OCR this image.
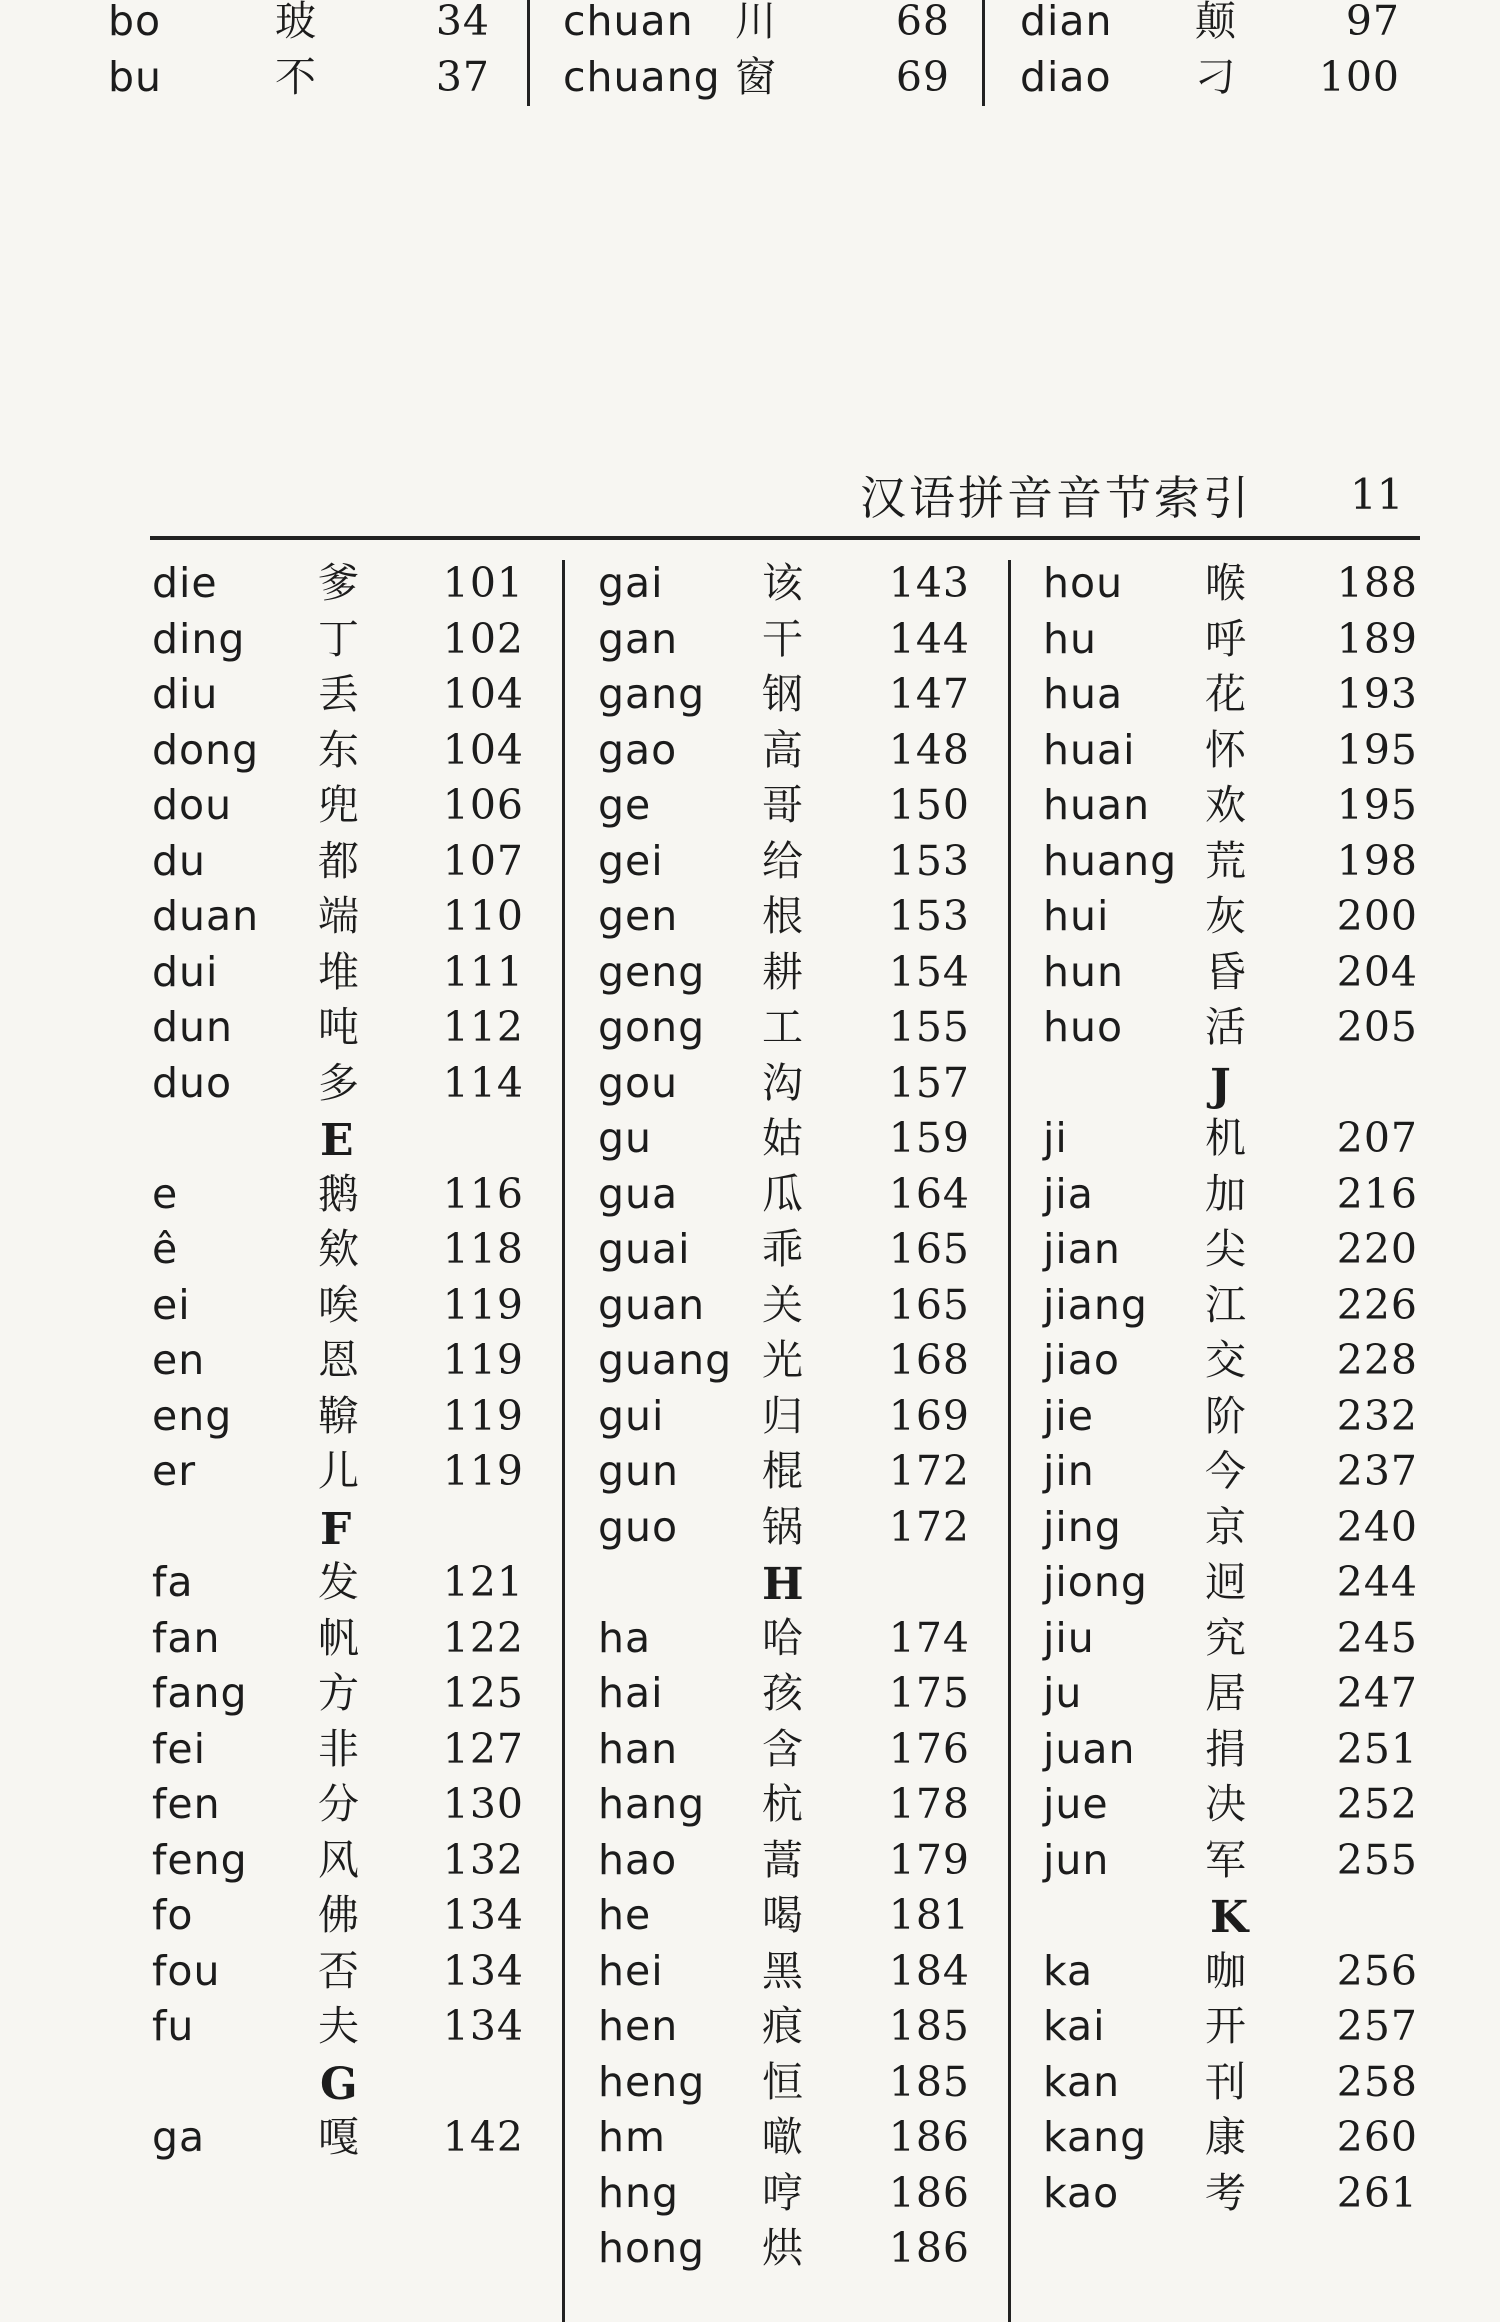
bo	玻	34
bu	不	37
chuan 川	68
chuang 窗	69
dian 颠	97
diao 刁 100
汉语拼音音节索引 11
die 爹 101
ding 丁 102
diu 丢 104
dong 东 104
dou 兜 106
du	都 107
duan 端 110
dui 堆 111
dun 吨 112
duo 多 114
E
e	鹅 116
ê	欸 118
ei	唉 119
en	恩 119
eng 鞥 119
er	儿 119
F
fa	发 121
fan 帆 122
fang 方 125
fei	非 127
fen 分 130
feng 风 132
fo	佛 134
fou 否 134
fu	夫 134
G
ga	嘎 142
gai 该 143
gan 干 144
gang 钢 147
gao 高 148
ge	哥 150
gei 给 153
gen 根 153
geng 耕 154
gong 工 155
gou 沟 157
gu	姑 159
gua 瓜 164
guai 乖 165
guan 关 165
guang 光 168
gui 归 169
gun 棍 172
guo 锅 172
H
ha	哈 174
hai 孩 175
han 含 176
hang 杭 178
hao 蒿 179
he	喝 181
hei 黑 184
hen 痕 185
heng 恒 185
hm 噷 186
hng 哼 186
hong 烘 186
hou 喉 188
hu	呼 189
hua 花 193
huai 怀 195
huan 欢 195
huang 荒 198
hui 灰 200
hun 昏 204
huo 活 205
J
ji	机 207
jia	加 216
jian 尖 220
jiang 江 226
jiao 交 228
jie	阶 232
jin	今 237
jing 京 240
jiong 迥 244
jiu	究 245
ju	居 247
juan 捐 251
jue 决 252
jun 军 255
K
ka	咖 256
kai 开 257
kan 刊 258
kang 康 260
kao 考 261
